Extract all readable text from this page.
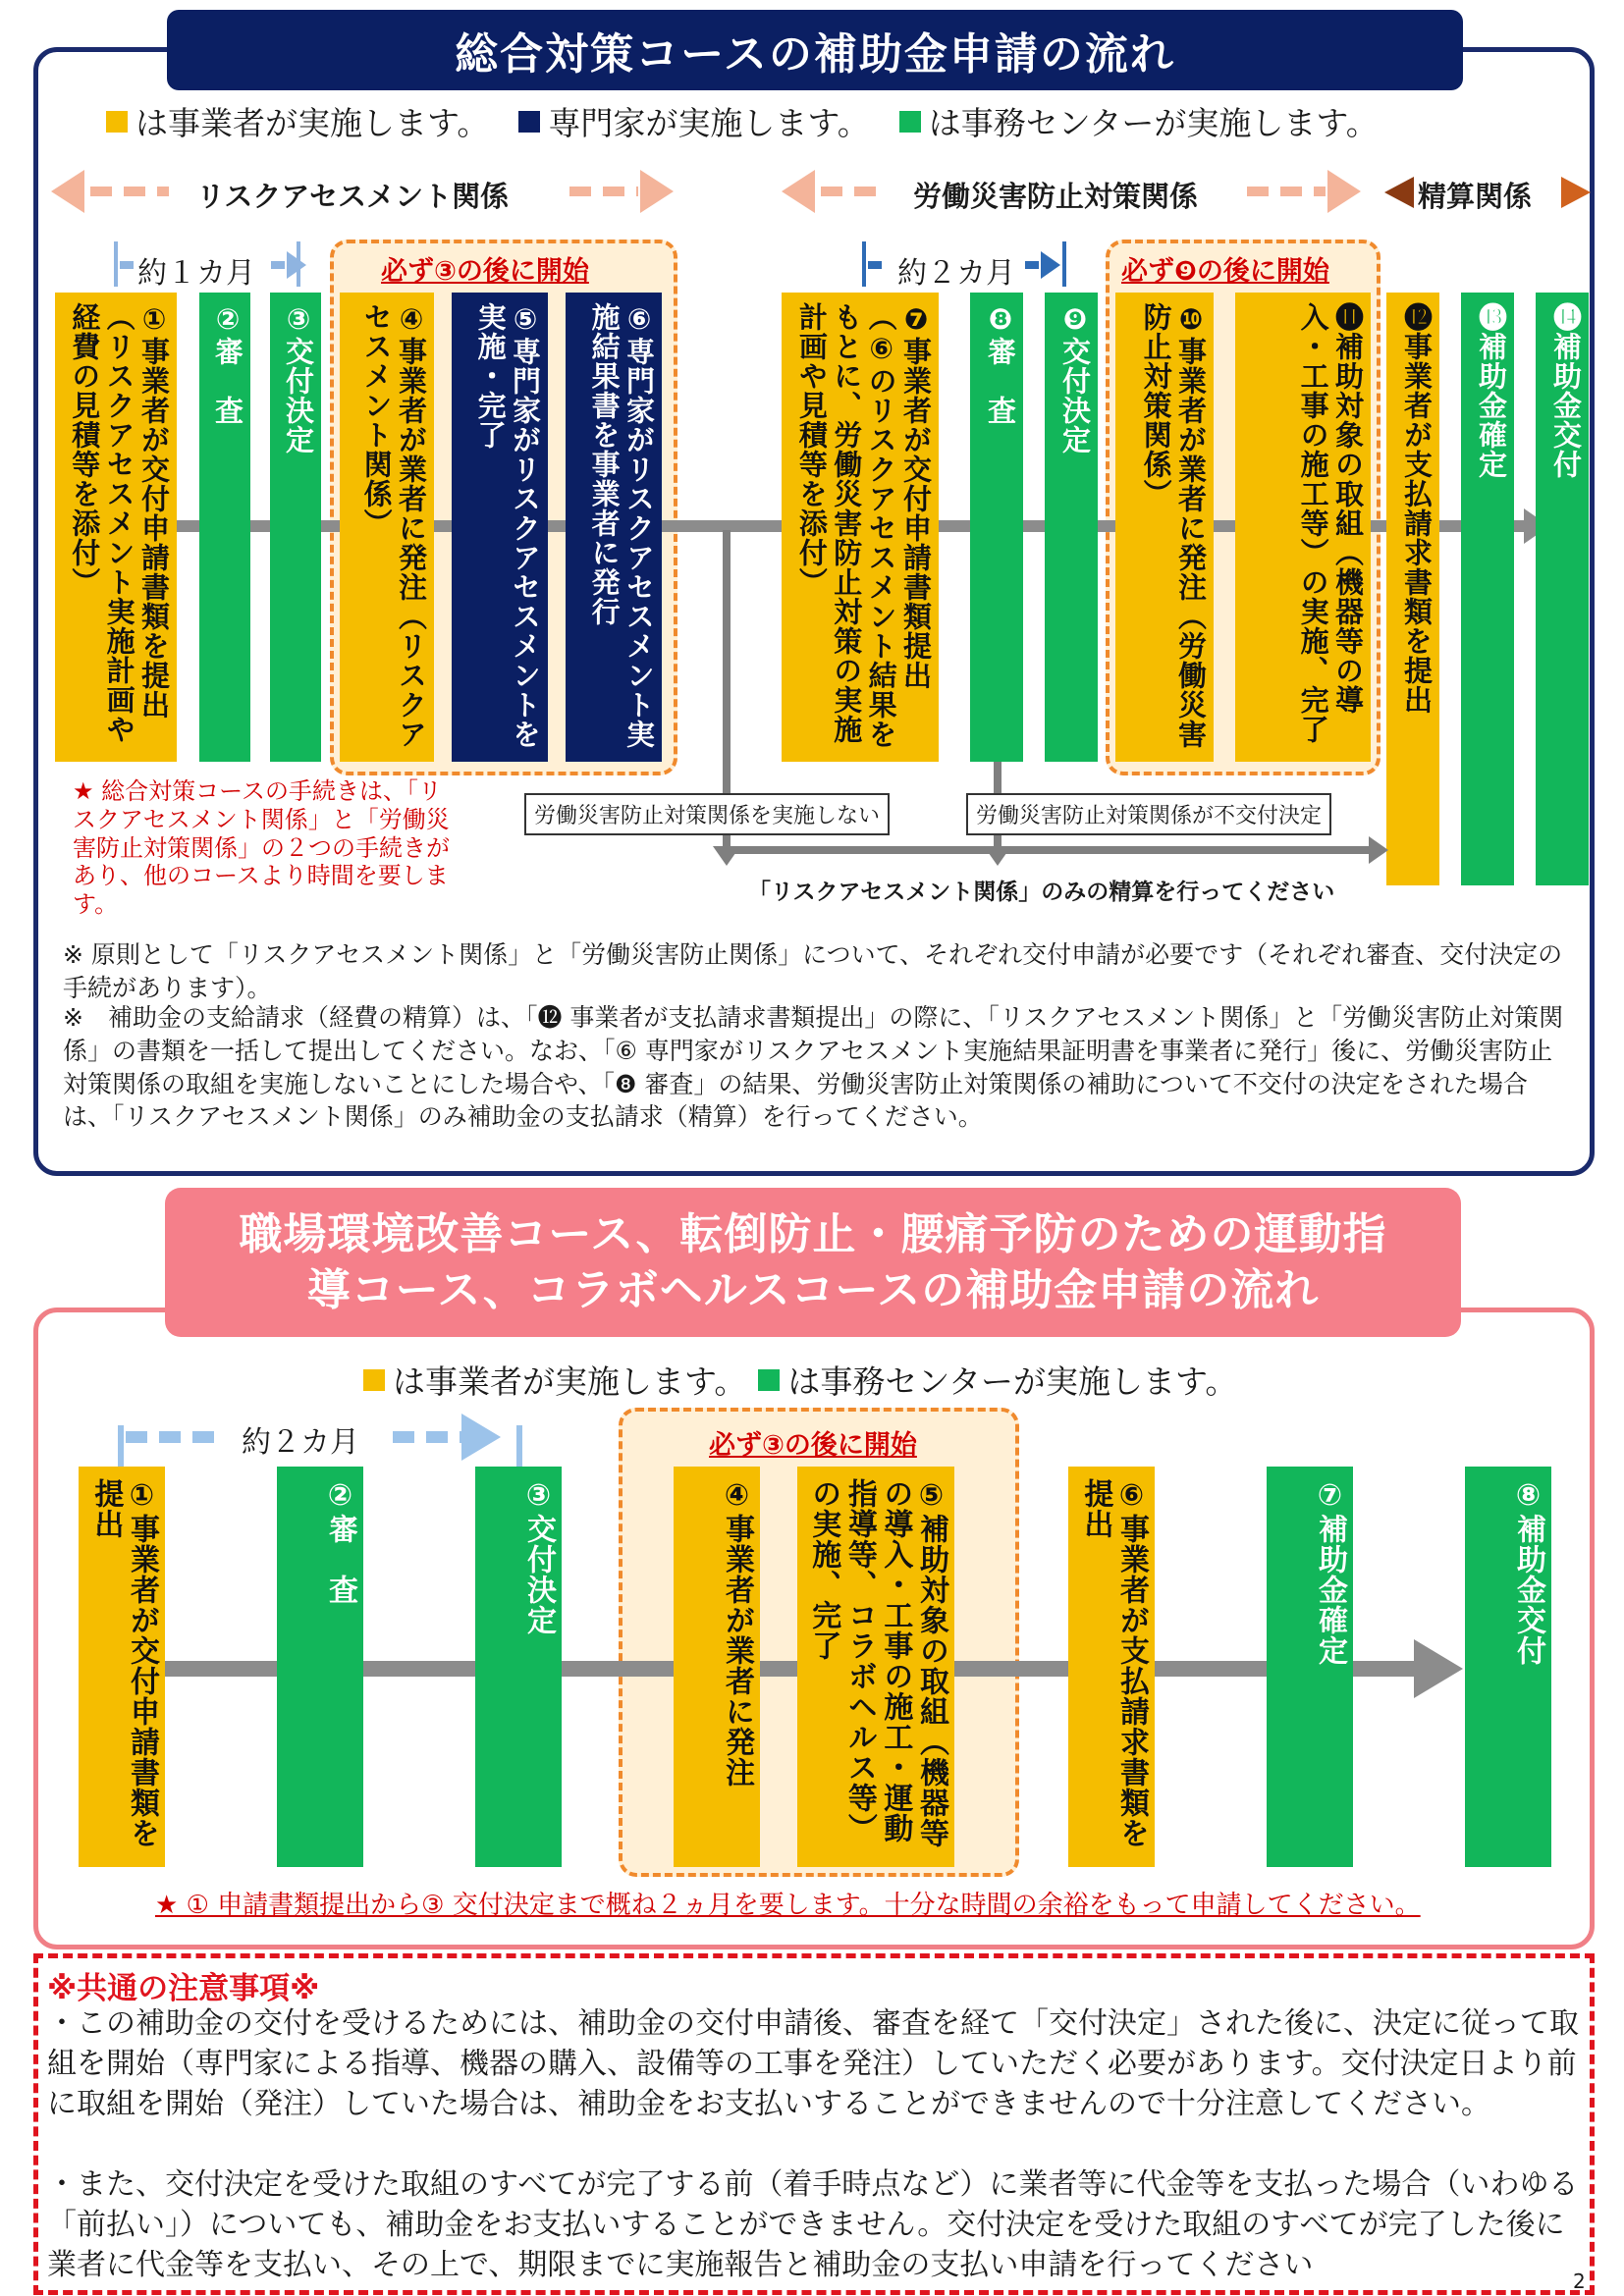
総合対策コースの補助金申請の流れ
は事業者が実施します。 専門家が実施します。 は事務センターが実施します。
リスクアセスメント関係	労働災害防止対策関係	精算関係
約１カ月	約２カ月
必ず③の後に開始	必ず❾の後に開始
①事業者が交付申請書類を提出（リスクアセスメント実施計画や経費の見積等を添付）	②審　査
③交付決定
④事業者が業者に発注（リスクアセスメント関係）	⑤専門家がリスクアセスメントを実施・完了	⑥専門家がリスクアセスメント実施結果書を事業者に発行	❼事業者が交付申請書類提出（⑥のリスクアセスメント結果をもとに、労働災害防止対策の実施計画や見積等を添付）	❽審　査
❾交付決定
❿事業者が業者に発注（労働災害防止対策関係）	⓫補助対象の取組（機器等の導入・工事の施工等）の実施、完了	⓬事業者が支払請求書類を提出
⓭補助金確定
⓮補助金交付
労働災害防止対策関係を実施しない	労働災害防止対策関係が不交付決定
「リスクアセスメント関係」のみの精算を行ってください
★ 総合対策コースの手続きは、「リスクアセスメント関係」と「労働災害防止対策関係」の２つの手続きがあり、他のコースより時間を要します。
※ 原則として「リスクアセスメント関係」と「労働災害防止関係」について、それぞれ交付申請が必要です（それぞれ審査、交付決定の手続があります）。
※　補助金の支給請求（経費の精算）は、「⓬ 事業者が支払請求書類提出」の際に、「リスクアセスメント関係」と「労働災害防止対策関係」の書類を一括して提出してください。なお、「⑥ 専門家がリスクアセスメント実施結果証明書を事業者に発行」後に、労働災害防止対策関係の取組を実施しないことにした場合や、「❽ 審査」の結果、労働災害防止対策関係の補助について不交付の決定をされた場合は、「リスクアセスメント関係」のみ補助金の支払請求（精算）を行ってください。
職場環境改善コース、転倒防止・腰痛予防のための運動指
導コース、コラボヘルスコースの補助金申請の流れ
は事業者が実施します。 は事務センターが実施します。
約２カ月	必ず③の後に開始
①事業者が交付申請書類を提出	②審　査
③交付決定
④事業者が業者に発注
⑤補助対象の取組（機器等の導入・工事の施工・運動指導等、コラボヘルス等）の実施、完了	⑥事業者が支払請求書類を提出	⑦補助金確定
⑧補助金交付
★ ① 申請書類提出から③ 交付決定まで概ね２ヵ月を要します。十分な時間の余裕をもって申請してください。
※共通の注意事項※
・この補助金の交付を受けるためには、補助金の交付申請後、審査を経て「交付決定」された後に、決定に従って取組を開始（専門家による指導、機器の購入、設備等の工事を発注）していただく必要があります。交付決定日より前に取組を開始（発注）していた場合は、補助金をお支払いすることができませんので十分注意してください。
・また、交付決定を受けた取組のすべてが完了する前（着手時点など）に業者等に代金等を支払った場合（いわゆる「前払い」）についても、補助金をお支払いすることができません。交付決定を受けた取組のすべてが完了した後に業者に代金等を支払い、その上で、期限までに実施報告と補助金の支払い申請を行ってください	2
